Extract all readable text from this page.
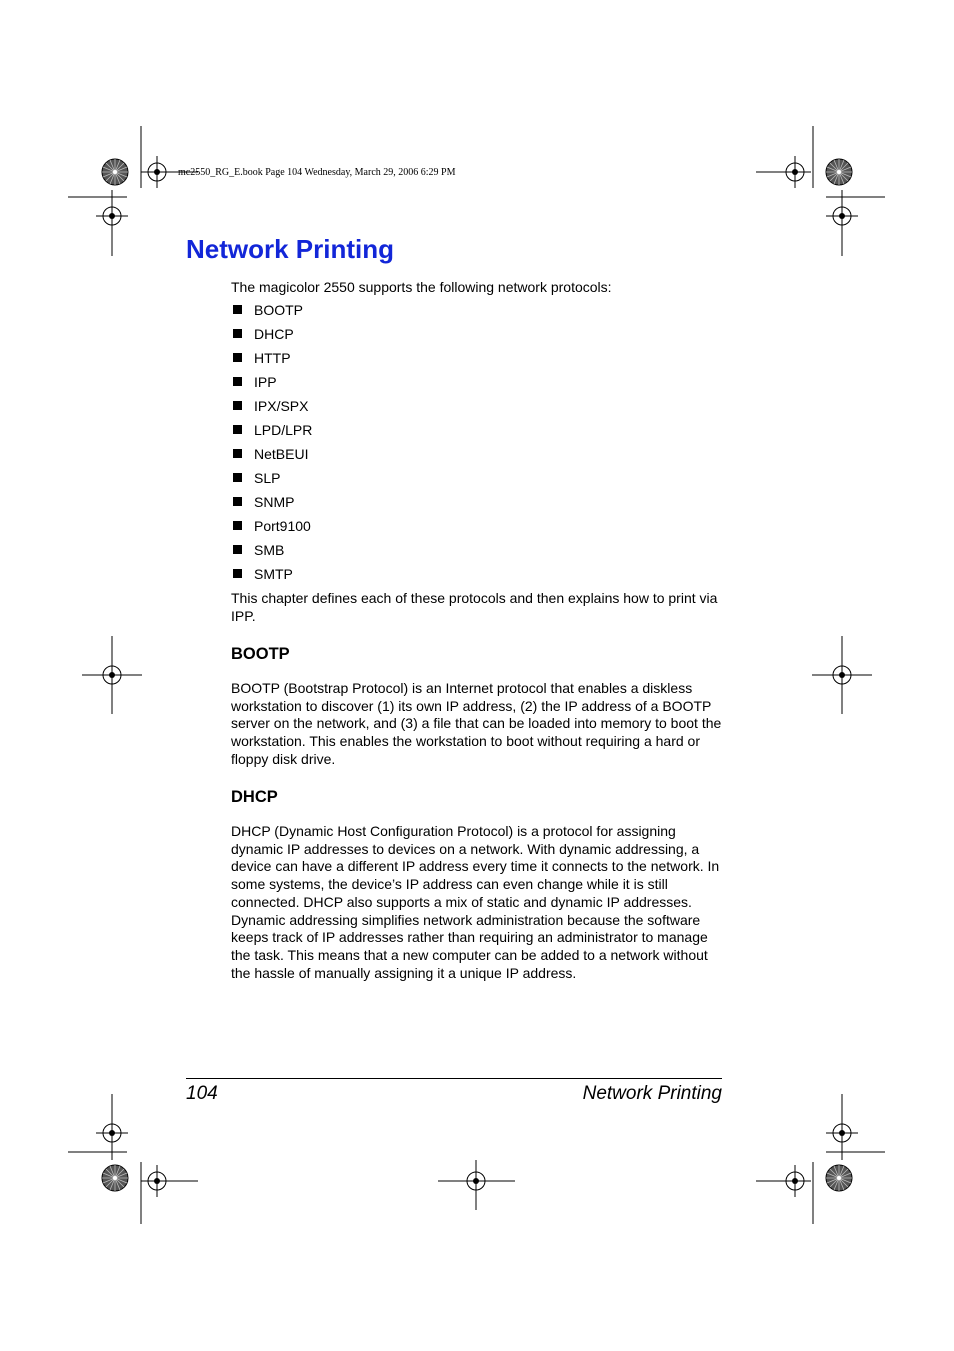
mc2550_RG_E.book Page 104 Wednesday, March 29, 2006 6:29 PM
Network Printing
The magicolor 2550 supports the following network protocols:
BOOTP
DHCP
HTTP
IPP
IPX/SPX
LPD/LPR
NetBEUI
SLP
SNMP
Port9100
SMB
SMTP

This chapter defines each of these protocols and then explains how to print via IPP.

BOOTP

BOOTP (Bootstrap Protocol) is an Internet protocol that enables a diskless workstation to discover (1) its own IP address, (2) the IP address of a BOOTP server on the network, and (3) a file that can be loaded into memory to boot the workstation. This enables the workstation to boot without requiring a hard or floppy disk drive.

DHCP

DHCP (Dynamic Host Configuration Protocol) is a protocol for assigning dynamic IP addresses to devices on a network. With dynamic addressing, a device can have a different IP address every time it connects to the network. In some systems, the device’s IP address can even change while it is still connected. DHCP also supports a mix of static and dynamic IP addresses. Dynamic addressing simplifies network administration because the software keeps track of IP addresses rather than requiring an administrator to manage the task. This means that a new computer can be added to a network without the hassle of manually assigning it a unique IP address.

104	Network Printing
